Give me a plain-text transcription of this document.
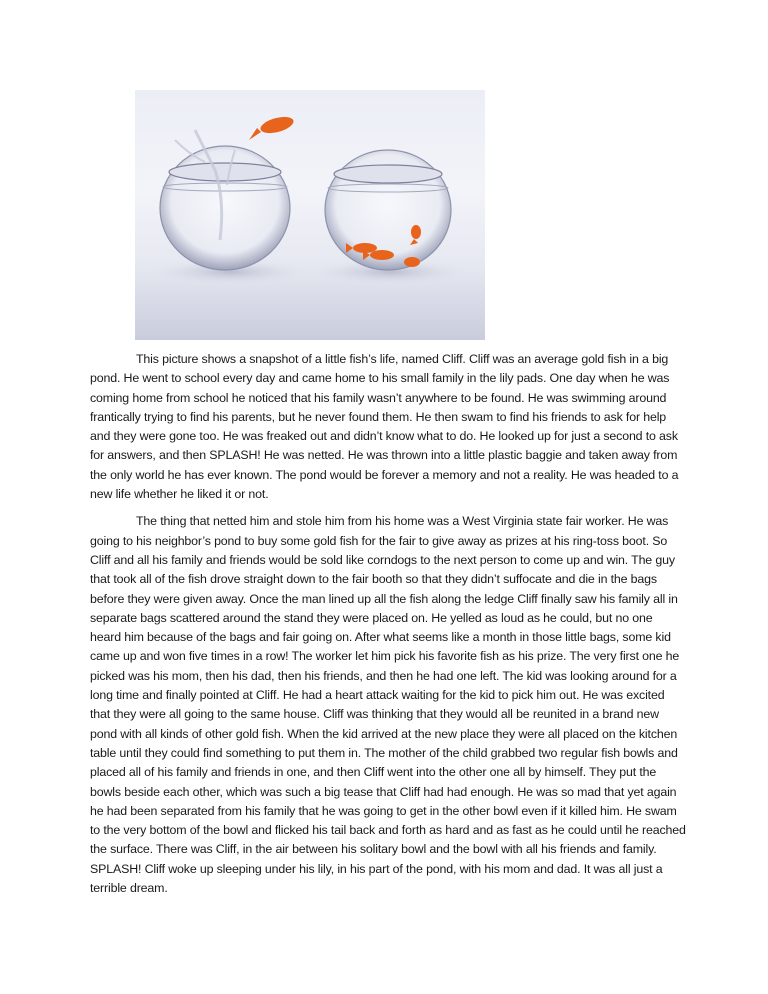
This picture shows a snapshot of a little fish’s life, named Cliff. Cliff was an average gold fish in a big pond. He went to school every day and came home to his small family in the lily pads. One day when he was coming home from school he noticed that his family wasn’t anywhere to be found. He was swimming around frantically trying to find his parents, but he never found them. He then swam to find his friends to ask for help and they were gone too. He was freaked out and didn’t know what to do. He looked up for just a second to ask for answers, and then SPLASH! He was netted. He was thrown into a little plastic baggie and taken away from the only world he has ever known. The pond would be forever a memory and not a reality. He was headed to a new life whether he liked it or not.

The thing that netted him and stole him from his home was a West Virginia state fair worker. He was going to his neighbor’s pond to buy some gold fish for the fair to give away as prizes at his ring-toss boot. So Cliff and all his family and friends would be sold like corndogs to the next person to come up and win. The guy that took all of the fish drove straight down to the fair booth so that they didn’t suffocate and die in the bags before they were given away. Once the man lined up all the fish along the ledge Cliff finally saw his family all in separate bags scattered around the stand they were placed on. He yelled as loud as he could, but no one heard him because of the bags and fair going on. After what seems like a month in those little bags, some kid came up and won five times in a row! The worker let him pick his favorite fish as his prize. The very first one he picked was his mom, then his dad, then his friends, and then he had one left. The kid was looking around for a long time and finally pointed at Cliff. He had a heart attack waiting for the kid to pick him out. He was excited that they were all going to the same house. Cliff was thinking that they would all be reunited in a brand new pond with all kinds of other gold fish. When the kid arrived at the new place they were all placed on the kitchen table until they could find something to put them in. The mother of the child grabbed two regular fish bowls and placed all of his family and friends in one, and then Cliff went into the other one all by himself. They put the bowls beside each other, which was such a big tease that Cliff had had enough. He was so mad that yet again he had been separated from his family that he was going to get in the other bowl even if it killed him. He swam to the very bottom of the bowl and flicked his tail back and forth as hard and as fast as he could until he reached the surface. There was Cliff, in the air between his solitary bowl and the bowl with all his friends and family. SPLASH! Cliff woke up sleeping under his lily, in his part of the pond, with his mom and dad. It was all just a terrible dream.
